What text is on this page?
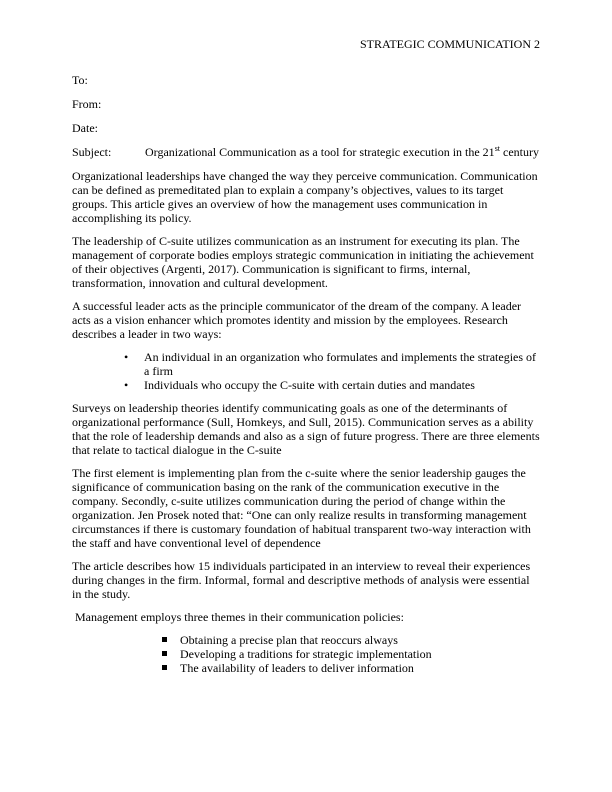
STRATEGIC COMMUNICATION 2
To:
From:
Date:
Subject:	Organizational Communication as a tool for strategic execution in the 21st century

Organizational leaderships have changed the way they perceive communication. Communication can be defined as premeditated plan to explain a company’s objectives, values to its target groups. This article gives an overview of how the management uses communication in accomplishing its policy.

The leadership of C-suite utilizes communication as an instrument for executing its plan. The management of corporate bodies employs strategic communication in initiating the achievement of their objectives (Argenti, 2017). Communication is significant to firms, internal, transformation, innovation and cultural development.

A successful leader acts as the principle communicator of the dream of the company. A leader acts as a vision enhancer which promotes identity and mission by the employees. Research describes a leader in two ways:

• An individual in an organization who formulates and implements the strategies of a firm
• Individuals who occupy the C-suite with certain duties and mandates

Surveys on leadership theories identify communicating goals as one of the determinants of organizational performance (Sull, Homkeys, and Sull, 2015). Communication serves as a ability that the role of leadership demands and also as a sign of future progress. There are three elements that relate to tactical dialogue in the C-suite

The first element is implementing plan from the c-suite where the senior leadership gauges the significance of communication basing on the rank of the communication executive in the company. Secondly, c-suite utilizes communication during the period of change within the organization. Jen Prosek noted that: “One can only realize results in transforming management circumstances if there is customary foundation of habitual transparent two-way interaction with the staff and have conventional level of dependence

The article describes how 15 individuals participated in an interview to reveal their experiences during changes in the firm. Informal, formal and descriptive methods of analysis were essential in the study.

Management employs three themes in their communication policies:

Obtaining a precise plan that reoccurs always
Developing a traditions for strategic implementation
The availability of leaders to deliver information
